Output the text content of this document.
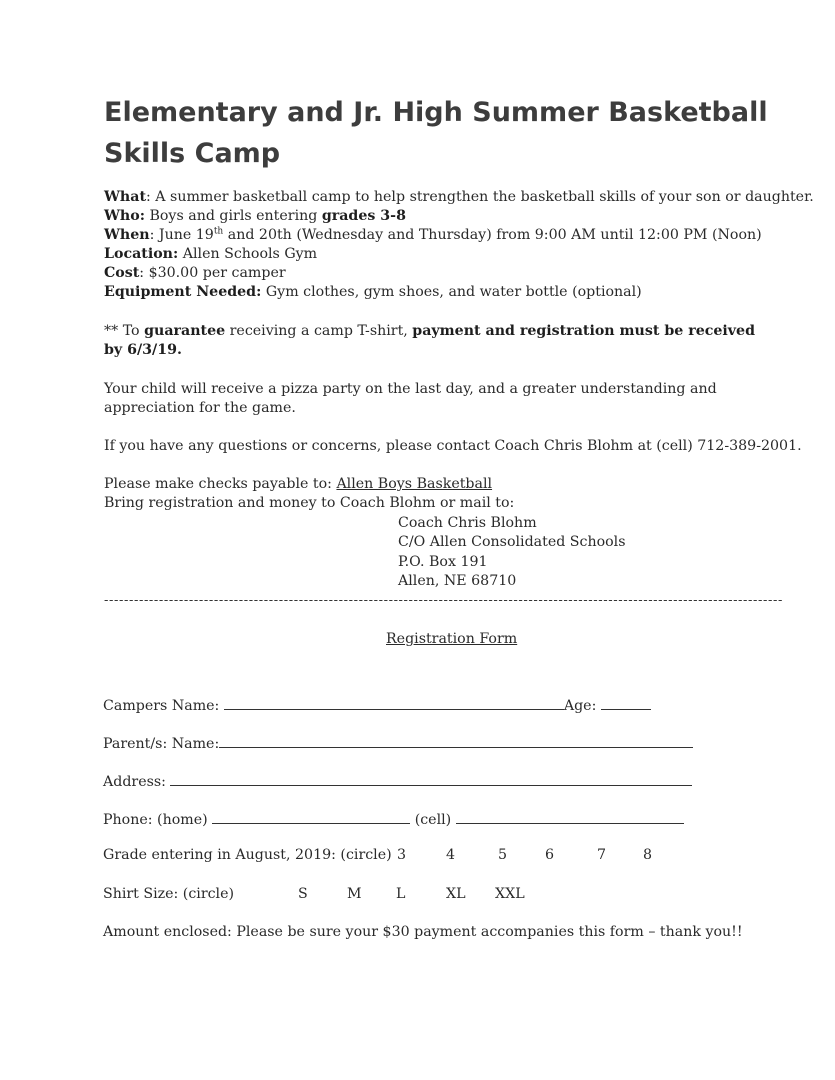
Elementary and Jr. High Summer Basketball Skills Camp

What: A summer basketball camp to help strengthen the basketball skills of your son or daughter.

Who: Boys and girls entering grades 3-8

When: June 19th and 20th (Wednesday and Thursday) from 9:00 AM until 12:00 PM (Noon)

Location: Allen Schools Gym

Cost: $30.00 per camper

Equipment Needed: Gym clothes, gym shoes, and water bottle (optional)

** To guarantee receiving a camp T-shirt, payment and registration must be received by 6/3/19.

Your child will receive a pizza party on the last day, and a greater understanding and appreciation for the game.

If you have any questions or concerns, please contact Coach Chris Blohm at (cell) 712-389-2001.

Please make checks payable to: Allen Boys Basketball

Bring registration and money to Coach Blohm or mail to:

Coach Chris Blohm
C/O Allen Consolidated Schools
P.O. Box 191
Allen, NE 68710
----------------------------------------------------------------------------------------------------------------------------------------
Registration Form
Campers Name:	Age:
Parent/s: Name:
Address:
Phone: (home)	(cell)
Grade entering in August, 2019: (circle) 3	4	5	6	7	8
Shirt Size: (circle)	S	M L	XL XXL
Amount enclosed: Please be sure your $30 payment accompanies this form – thank you!!
